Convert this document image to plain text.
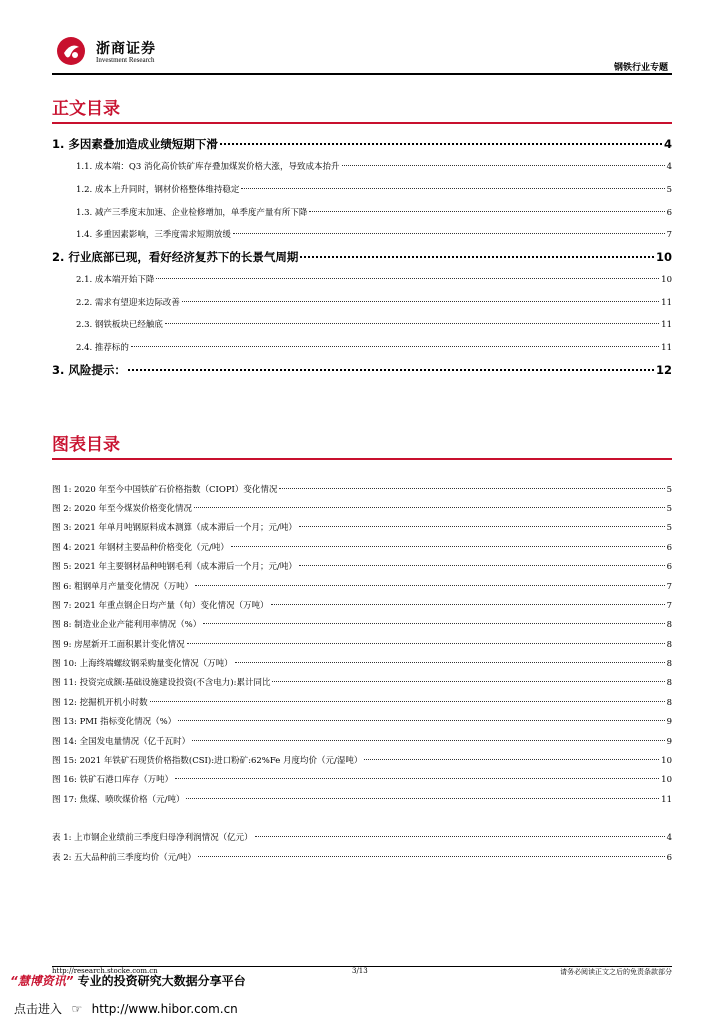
浙商证券
Investment Research
钢铁行业专题
正文目录
1. 多因素叠加造成业绩短期下滑	4
1.1. 成本端：Q3 消化高价铁矿库存叠加煤炭价格大涨，导致成本抬升	4
1.2. 成本上升同时，钢材价格整体维持稳定	5
1.3. 减产三季度末加速、企业检修增加，单季度产量有所下降	6
1.4. 多重因素影响，三季度需求短期放缓	7
2. 行业底部已现，看好经济复苏下的长景气周期	10
2.1. 成本端开始下降	10
2.2. 需求有望迎来边际改善	11
2.3. 钢铁板块已经触底	11
2.4. 推荐标的	11
3. 风险提示：	12
图表目录
图 1: 2020 年至今中国铁矿石价格指数（CIOPI）变化情况	5
图 2: 2020 年至今煤炭价格变化情况	5
图 3: 2021 年单月吨钢原料成本测算（成本滞后一个月；元/吨）	5
图 4: 2021 年钢材主要品种价格变化（元/吨）	6
图 5: 2021 年主要钢材品种吨钢毛利（成本滞后一个月；元/吨）	6
图 6: 粗钢单月产量变化情况（万吨）	7
图 7: 2021 年重点钢企日均产量（旬）变化情况（万吨）	7
图 8: 制造业企业产能利用率情况（%）	8
图 9: 房屋新开工面积累计变化情况	8
图 10: 上海终端螺纹钢采购量变化情况（万吨）	8
图 11: 投资完成额:基础设施建设投资(不含电力):累计同比	8
图 12: 挖掘机开机小时数	8
图 13: PMI 指标变化情况（%）	9
图 14: 全国发电量情况（亿千瓦时）	9
图 15: 2021 年铁矿石现货价格指数(CSI):进口粉矿:62%Fe 月度均价（元/湿吨）	10
图 16: 铁矿石港口库存（万吨）	10
图 17: 焦煤、喷吹煤价格（元/吨）	11
表 1: 上市钢企业绩前三季度归母净利润情况（亿元）	4
表 2: 五大品种前三季度均价（元/吨）	6
http://research.stocke.com.cn	3/13	请务必阅读正文之后的免责条款部分
“慧博资讯” 专业的投资研究大数据分享平台
点击进入 ☞ http://www.hibor.com.cn
